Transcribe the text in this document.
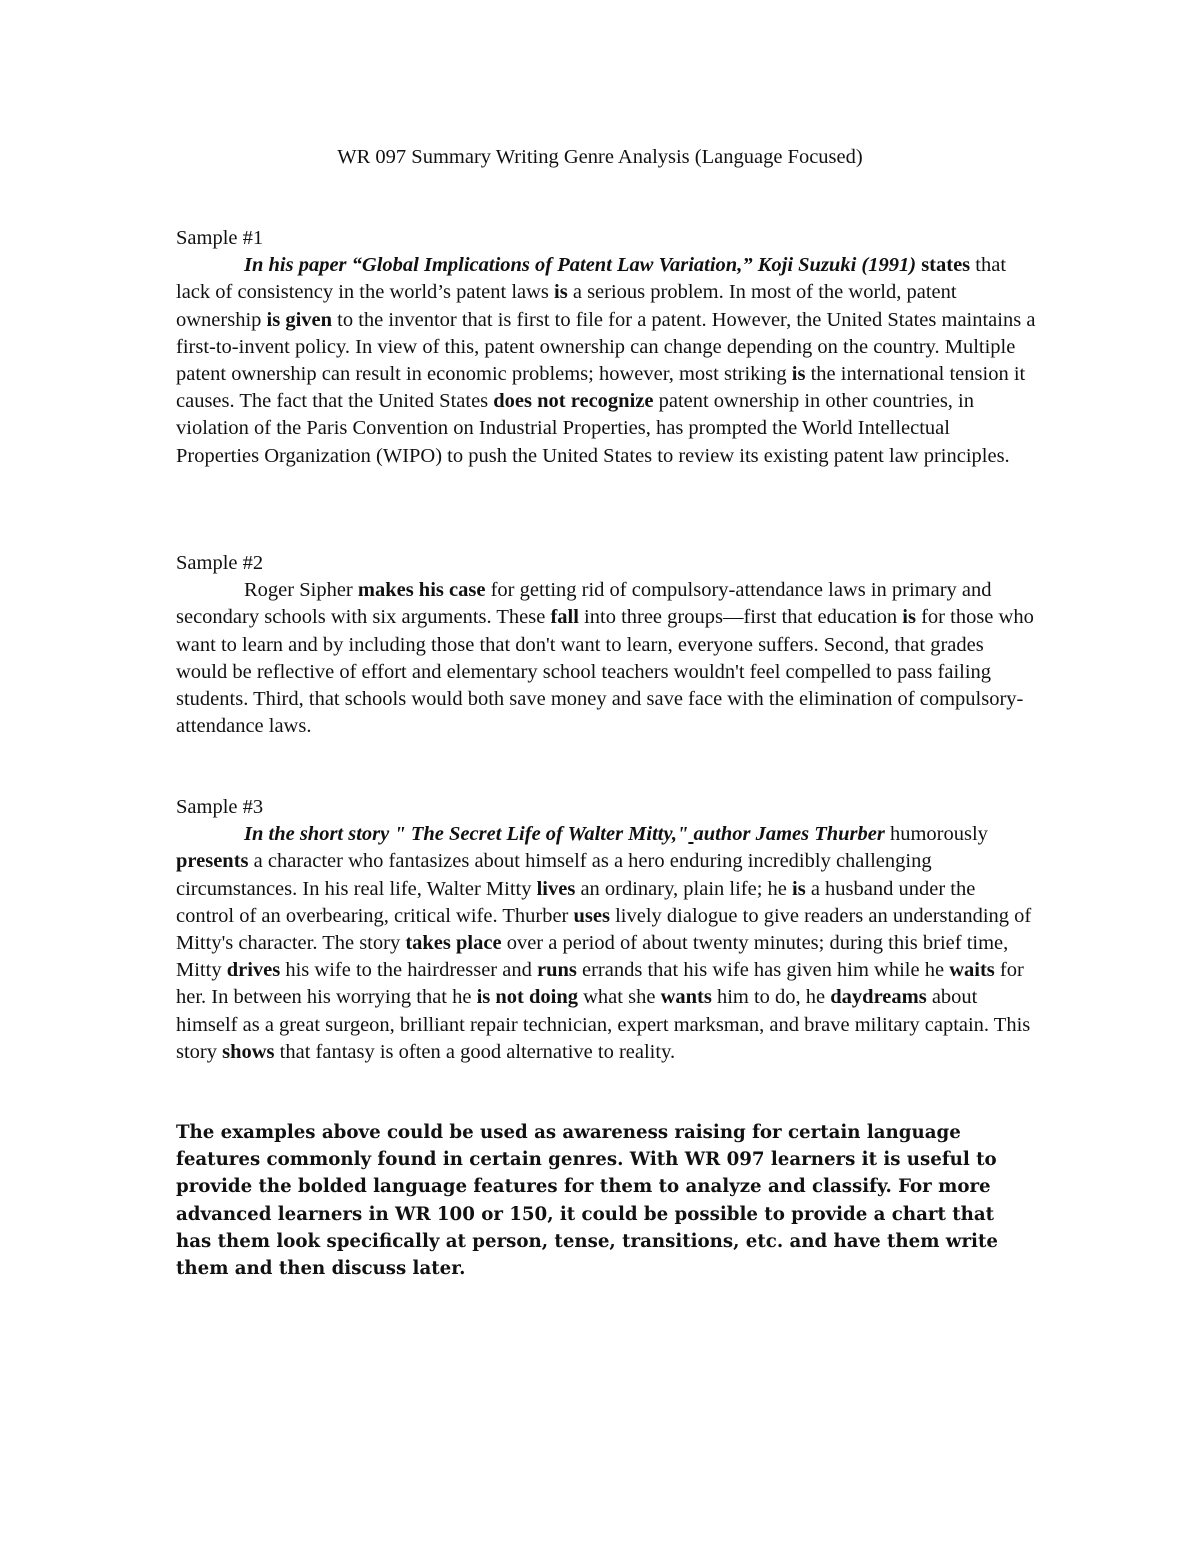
WR 097 Summary Writing Genre Analysis (Language Focused)
Sample #1
In his paper “Global Implications of Patent Law Variation,” Koji Suzuki (1991) states that lack of consistency in the world’s patent laws is a serious problem. In most of the world, patent ownership is given to the inventor that is first to file for a patent. However, the United States maintains a first-to-invent policy. In view of this, patent ownership can change depending on the country. Multiple patent ownership can result in economic problems; however, most striking is the international tension it causes. The fact that the United States does not recognize patent ownership in other countries, in violation of the Paris Convention on Industrial Properties, has prompted the World Intellectual Properties Organization (WIPO) to push the United States to review its existing patent law principles.
Sample #2
Roger Sipher makes his case for getting rid of compulsory-attendance laws in primary and secondary schools with six arguments. These fall into three groups—first that education is for those who want to learn and by including those that don't want to learn, everyone suffers. Second, that grades would be reflective of effort and elementary school teachers wouldn't feel compelled to pass failing students. Third, that schools would both save money and save face with the elimination of compulsory-attendance laws.
Sample #3
In the short story " The Secret Life of Walter Mitty," author James Thurber humorously presents a character who fantasizes about himself as a hero enduring incredibly challenging circumstances. In his real life, Walter Mitty lives an ordinary, plain life; he is a husband under the control of an overbearing, critical wife. Thurber uses lively dialogue to give readers an understanding of Mitty's character. The story takes place over a period of about twenty minutes; during this brief time, Mitty drives his wife to the hairdresser and runs errands that his wife has given him while he waits for her. In between his worrying that he is not doing what she wants him to do, he daydreams about himself as a great surgeon, brilliant repair technician, expert marksman, and brave military captain. This story shows that fantasy is often a good alternative to reality.
The examples above could be used as awareness raising for certain language features commonly found in certain genres. With WR 097 learners it is useful to provide the bolded language features for them to analyze and classify. For more advanced learners in WR 100 or 150, it could be possible to provide a chart that has them look specifically at person, tense, transitions, etc. and have them write them and then discuss later.
